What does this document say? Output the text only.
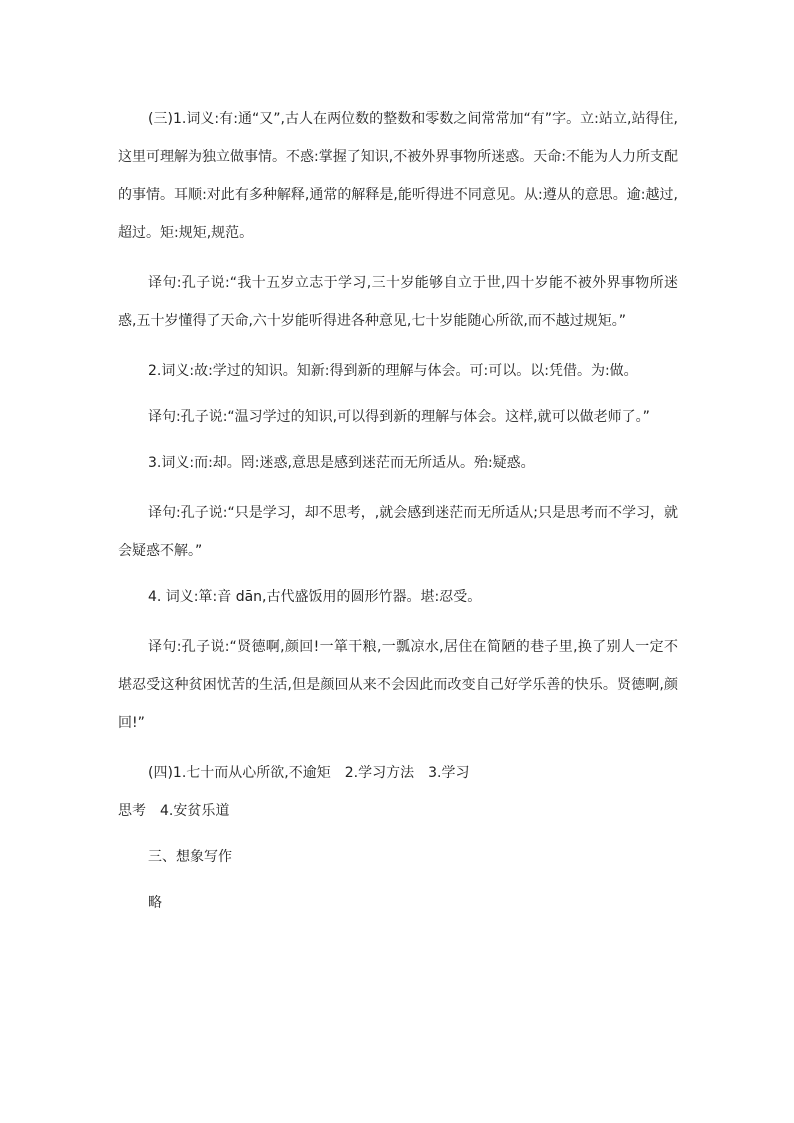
(三)1.词义:有:通“又”,古人在两位数的整数和零数之间常常加“有”字。立:站立,站得住,这里可理解为独立做事情。不惑:掌握了知识,不被外界事物所迷惑。天命:不能为人力所支配的事情。耳顺:对此有多种解释,通常的解释是,能听得进不同意见。从:遵从的意思。逾:越过,超过。矩:规矩,规范。

译句:孔子说:“我十五岁立志于学习,三十岁能够自立于世,四十岁能不被外界事物所迷惑,五十岁懂得了天命,六十岁能听得进各种意见,七十岁能随心所欲,而不越过规矩。”

2.词义:故:学过的知识。知新:得到新的理解与体会。可:可以。以:凭借。为:做。

译句:孔子说:“温习学过的知识,可以得到新的理解与体会。这样,就可以做老师了。”

3.词义:而:却。罔:迷惑,意思是感到迷茫而无所适从。殆:疑惑。

译句:孔子说:“只是学习，却不思考，,就会感到迷茫而无所适从;只是思考而不学习，就会疑惑不解。”

4. 词义:箪:音 dān,古代盛饭用的圆形竹器。堪:忍受。

译句:孔子说:“贤德啊,颜回!一箪干粮,一瓢凉水,居住在简陋的巷子里,换了别人一定不堪忍受这种贫困忧苦的生活,但是颜回从来不会因此而改变自己好学乐善的快乐。贤德啊,颜回!”

(四)1.七十而从心所欲,不逾矩　2.学习方法　3.学习

思考　4.安贫乐道

三、想象写作

略
